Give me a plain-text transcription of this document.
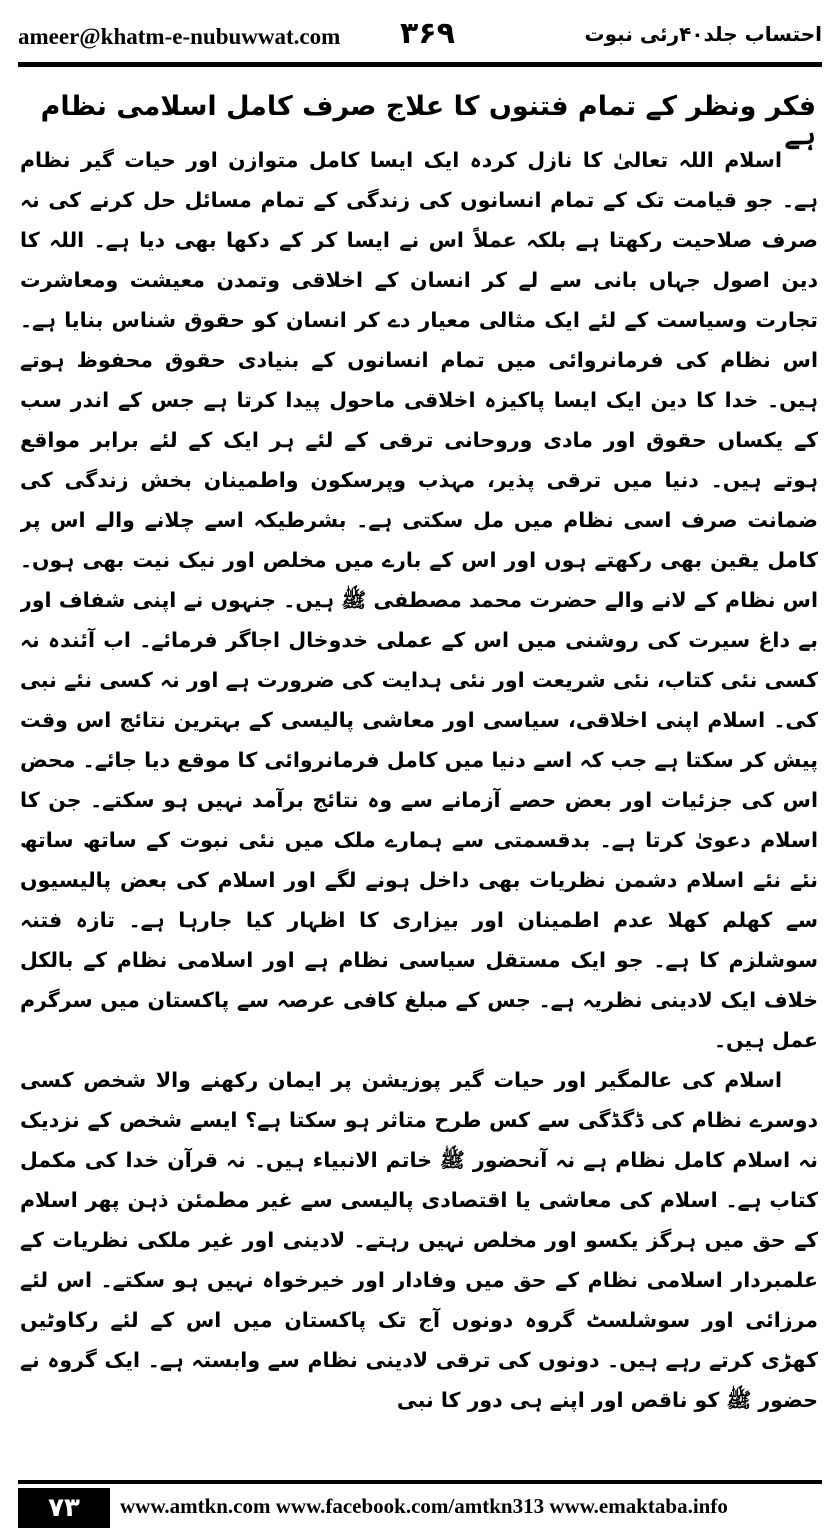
ameer@khatm-e-nubuwwat.com ۳۶۹	احتساب جلد۴۰رئی نبوت
فکر ونظر کے تمام فتنوں کا علاج صرف کامل اسلامی نظام ہے

اسلام اللہ تعالیٰ کا نازل کردہ ایک ایسا کامل متوازن اور حیات گیر نظام ہے۔ جو قیامت تک کے تمام انسانوں کی زندگی کے تمام مسائل حل کرنے کی نہ صرف صلاحیت رکھتا ہے بلکہ عملاً اس نے ایسا کر کے دکھا بھی دیا ہے۔ اللہ کا دین اصول جہاں بانی سے لے کر انسان کے اخلاقی وتمدن معیشت ومعاشرت تجارت وسیاست کے لئے ایک مثالی معیار دے کر انسان کو حقوق شناس بنایا ہے۔ اس نظام کی فرمانروائی میں تمام انسانوں کے بنیادی حقوق محفوظ ہوتے ہیں۔ خدا کا دین ایک ایسا پاکیزہ اخلاقی ماحول پیدا کرتا ہے جس کے اندر سب کے یکساں حقوق اور مادی وروحانی ترقی کے لئے ہر ایک کے لئے برابر مواقع ہوتے ہیں۔ دنیا میں ترقی پذیر، مہذب وپرسکون واطمینان بخش زندگی کی ضمانت صرف اسی نظام میں مل سکتی ہے۔ بشرطیکہ اسے چلانے والے اس پر کامل یقین بھی رکھتے ہوں اور اس کے بارے میں مخلص اور نیک نیت بھی ہوں۔ اس نظام کے لانے والے حضرت محمد مصطفی ﷺ ہیں۔ جنہوں نے اپنی شفاف اور بے داغ سیرت کی روشنی میں اس کے عملی خدوخال اجاگر فرمائے۔ اب آئندہ نہ کسی نئی کتاب، نئی شریعت اور نئی ہدایت کی ضرورت ہے اور نہ کسی نئے نبی کی۔ اسلام اپنی اخلاقی، سیاسی اور معاشی پالیسی کے بہترین نتائج اس وقت پیش کر سکتا ہے جب کہ اسے دنیا میں کامل فرمانروائی کا موقع دیا جائے۔ محض اس کی جزئیات اور بعض حصے آزمانے سے وہ نتائج برآمد نہیں ہو سکتے۔ جن کا اسلام دعویٰ کرتا ہے۔ بدقسمتی سے ہمارے ملک میں نئی نبوت کے ساتھ ساتھ نئے نئے اسلام دشمن نظریات بھی داخل ہونے لگے اور اسلام کی بعض پالیسیوں سے کھلم کھلا عدم اطمینان اور بیزاری کا اظہار کیا جارہا ہے۔ تازہ فتنہ سوشلزم کا ہے۔ جو ایک مستقل سیاسی نظام ہے اور اسلامی نظام کے بالکل خلاف ایک لادینی نظریہ ہے۔ جس کے مبلغ کافی عرصہ سے پاکستان میں سرگرم عمل ہیں۔

اسلام کی عالمگیر اور حیات گیر پوزیشن پر ایمان رکھنے والا شخص کسی دوسرے نظام کی ڈگڈگی سے کس طرح متاثر ہو سکتا ہے؟ ایسے شخص کے نزدیک نہ اسلام کامل نظام ہے نہ آنحضور ﷺ خاتم الانبیاء ہیں۔ نہ قرآن خدا کی مکمل کتاب ہے۔ اسلام کی معاشی یا اقتصادی پالیسی سے غیر مطمئن ذہن پھر اسلام کے حق میں ہرگز یکسو اور مخلص نہیں رہتے۔ لادینی اور غیر ملکی نظریات کے علمبردار اسلامی نظام کے حق میں وفادار اور خیرخواہ نہیں ہو سکتے۔ اس لئے مرزائی اور سوشلسٹ گروہ دونوں آج تک پاکستان میں اس کے لئے رکاوٹیں کھڑی کرتے رہے ہیں۔ دونوں کی ترقی لادینی نظام سے وابستہ ہے۔ ایک گروہ نے حضور ﷺ کو ناقص اور اپنے ہی دور کا نبی

۷۳	www.amtkn.com www.facebook.com/amtkn313 www.emaktaba.info
